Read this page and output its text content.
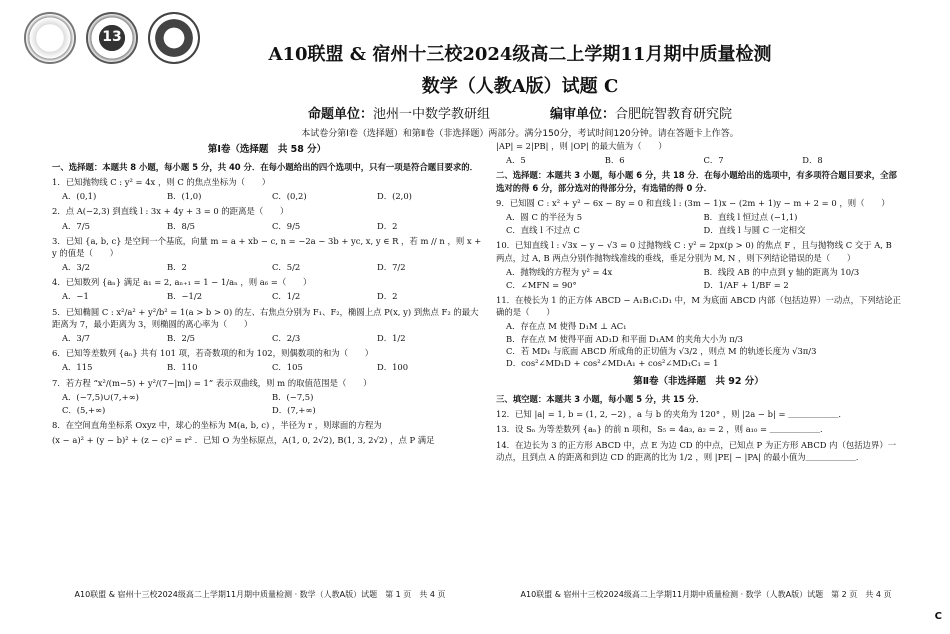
13
A10联盟 & 宿州十三校2024级高二上学期11月期中质量检测
数学（人教A版）试题 C
命题单位：池州一中数学教研组	编审单位：合肥皖智教育研究院
本试卷分第Ⅰ卷（选择题）和第Ⅱ卷（非选择题）两部分。满分150分，考试时间120分钟。请在答题卡上作答。
第Ⅰ卷（选择题　共 58 分）
一、选择题：本题共 8 小题，每小题 5 分，共 40 分．在每小题给出的四个选项中，只有一项是符合题目要求的．
1．已知抛物线 C : y² = 4x ，则 C 的焦点坐标为（　　）
A．(0,1)	B．(1,0)	C．(0,2)	D．(2,0)
2．点 A(−2,3) 到直线 l : 3x + 4y + 3 = 0 的距离是（　　）
A．7/5	B．8/5	C．9/5	D．2
3．已知 {a, b, c} 是空间一个基底，向量 m = a + xb − c, n = −2a − 3b + yc, x, y ∈ R ，若 m // n ，则 x + y 的值是（　　）
A．3/2	B．2	C．5/2	D．7/2
4．已知数列 {aₙ} 满足 a₁ = 2, aₙ₊₁ = 1 − 1/aₙ ，则 a₆ =（　　）
A．−1	B．−1/2	C．1/2	D．2
5．已知椭圆 C : x²/a² + y²/b² = 1(a > b > 0) 的左、右焦点分别为 F₁、F₂，椭圆上点 P(x, y) 到焦点 F₂ 的最大距离为 7，最小距离为 3，则椭圆的离心率为（　　）
A．3/7	B．2/5	C．2/3	D．1/2
6．已知等差数列 {aₙ} 共有 101 项，若奇数项的和为 102，则偶数项的和为（　　）
A．115	B．110	C．105	D．100
7．若方程 “x²/(m−5) + y²/(7−|m|) = 1” 表示双曲线，则 m 的取值范围是（　　）
A．(−7,5)∪(7,+∞)	B．(−7,5)
C．(5,+∞)	D．(7,+∞)
8．在空间直角坐标系 Oxyz 中，球心的坐标为 M(a, b, c) ，半径为 r ，则球面的方程为
(x − a)² + (y − b)² + (z − c)² = r² ．已知 O 为坐标原点，A(1, 0, 2√2), B(1, 3, 2√2) ，点 P 满足
|AP| = 2|PB| ，则 |OP| 的最大值为（　　）
A．5	B．6	C．7	D．8
二、选择题：本题共 3 小题，每小题 6 分，共 18 分．在每小题给出的选项中，有多项符合题目要求，全部选对的得 6 分，部分选对的得部分分，有选错的得 0 分．
9．已知圆 C : x² + y² − 6x − 8y = 0 和直线 l : (3m − 1)x − (2m + 1)y − m + 2 = 0 ，则（　　）
A．圆 C 的半径为 5	B．直线 l 恒过点 (−1,1)
C．直线 l 不过点 C	D．直线 l 与圆 C 一定相交
10．已知直线 l : √3x − y − √3 = 0 过抛物线 C : y² = 2px(p > 0) 的焦点 F ，且与抛物线 C 交于 A, B 两点，过 A, B 两点分别作抛物线准线的垂线，垂足分别为 M, N ，则下列结论错误的是（　　）
A．抛物线的方程为 y² = 4x	B．线段 AB 的中点到 y 轴的距离为 10/3
C．∠MFN = 90°	D．1/AF + 1/BF = 2
11．在棱长为 1 的正方体 ABCD − A₁B₁C₁D₁ 中，M 为底面 ABCD 内部（包括边界）一动点，下列结论正确的是（　　）
A．存在点 M 使得 D₁M ⊥ AC₁
B．存在点 M 使得平面 AD₁D 和平面 D₁AM 的夹角大小为 π/3
C．若 MD₁ 与底面 ABCD 所成角的正切值为 √3/2 ，则点 M 的轨迹长度为 √3π/3
D．cos²∠MD₁D + cos²∠MD₁A₁ + cos²∠MD₁C₁ = 1
第Ⅱ卷（非选择题　共 92 分）
三、填空题：本题共 3 小题，每小题 5 分，共 15 分．
12．已知 |a| = 1, b = (1, 2, −2) ，a 与 b 的夹角为 120° ，则 |2a − b| = ＿＿＿＿＿＿．
13．设 Sₙ 为等差数列 {aₙ} 的前 n 项和，S₅ = 4a₃, a₂ = 2 ，则 a₁₀ = ＿＿＿＿＿＿．
14．在边长为 3 的正方形 ABCD 中，点 E 为边 CD 的中点，已知点 P 为正方形 ABCD 内（包括边界）一动点，且到点 A 的距离和到边 CD 的距离的比为 1/2 ，则 |PE| − |PA| 的最小值为＿＿＿＿＿＿．
A10联盟 & 宿州十三校2024级高二上学期11月期中质量检测 · 数学（人教A版）试题　第 1 页　共 4 页	A10联盟 & 宿州十三校2024级高二上学期11月期中质量检测 · 数学（人教A版）试题　第 2 页　共 4 页
C
